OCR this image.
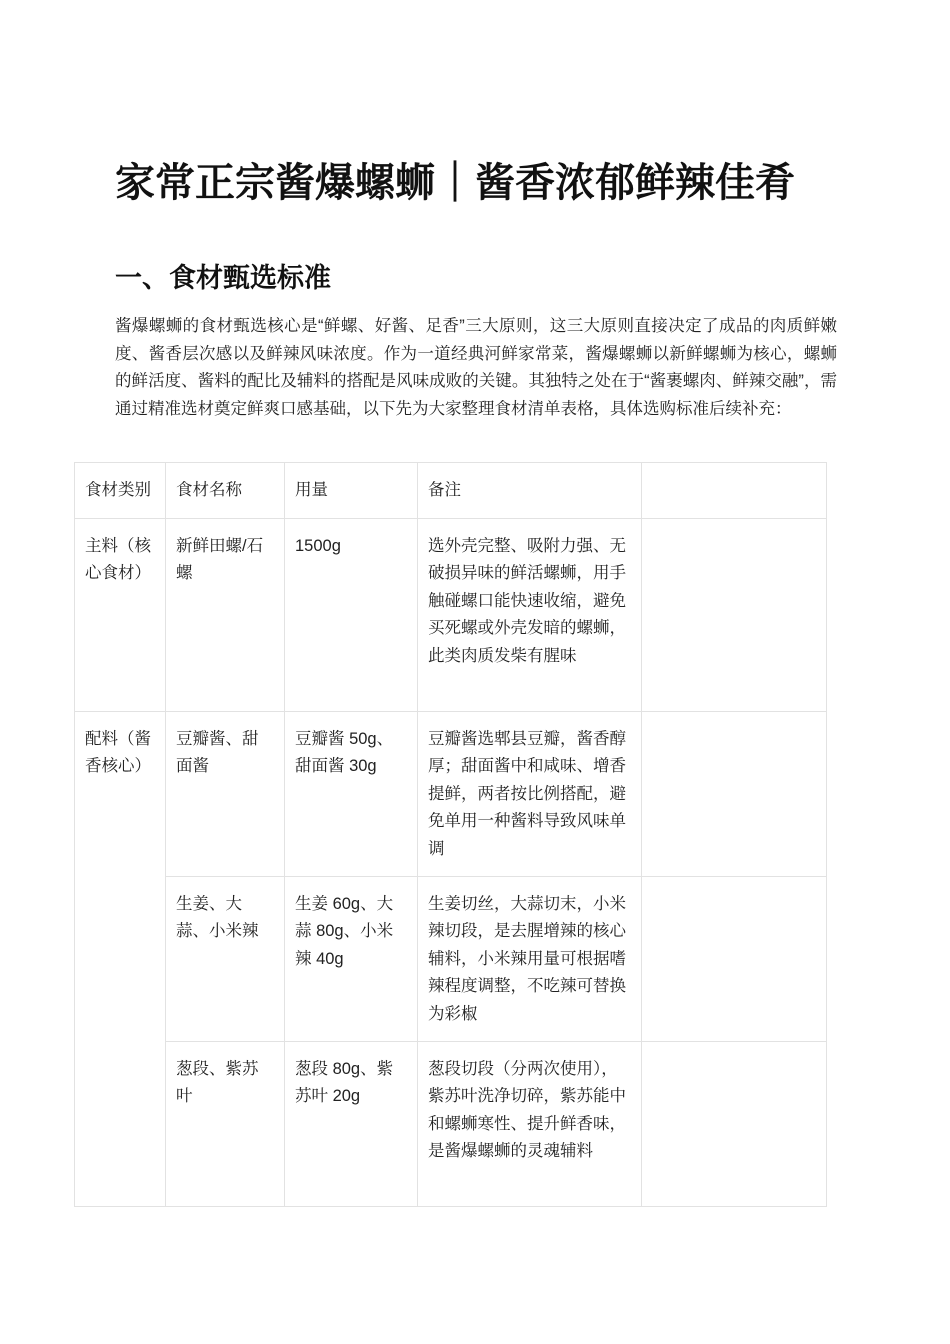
家常正宗酱爆螺蛳｜酱香浓郁鲜辣佳肴
一、食材甄选标准

酱爆螺蛳的食材甄选核心是“鲜螺、好酱、足香”三大原则，这三大原则直接决定了成品的肉质鲜嫩度、酱香层次感以及鲜辣风味浓度。作为一道经典河鲜家常菜，酱爆螺蛳以新鲜螺蛳为核心，螺蛳的鲜活度、酱料的配比及辅料的搭配是风味成败的关键。其独特之处在于“酱裹螺肉、鲜辣交融”，需通过精准选材奠定鲜爽口感基础，以下先为大家整理食材清单表格，具体选购标准后续补充：

食材类别	食材名称	用量	备注	
主料（核心食材）	新鲜田螺/石螺	1500g	选外壳完整、吸附力强、无破损异味的鲜活螺蛳，用手触碰螺口能快速收缩，避免买死螺或外壳发暗的螺蛳，此类肉质发柴有腥味	
配料（酱香核心）	豆瓣酱、甜面酱	豆瓣酱 50g、甜面酱 30g	豆瓣酱选郫县豆瓣，酱香醇厚；甜面酱中和咸味、增香提鲜，两者按比例搭配，避免单用一种酱料导致风味单调	
	生姜、大蒜、小米辣	生姜 60g、大蒜 80g、小米辣 40g	生姜切丝，大蒜切末，小米辣切段，是去腥增辣的核心辅料，小米辣用量可根据嗜辣程度调整，不吃辣可替换为彩椒	
	葱段、紫苏叶	葱段 80g、紫苏叶 20g	葱段切段（分两次使用），紫苏叶洗净切碎，紫苏能中和螺蛳寒性、提升鲜香味，是酱爆螺蛳的灵魂辅料	
